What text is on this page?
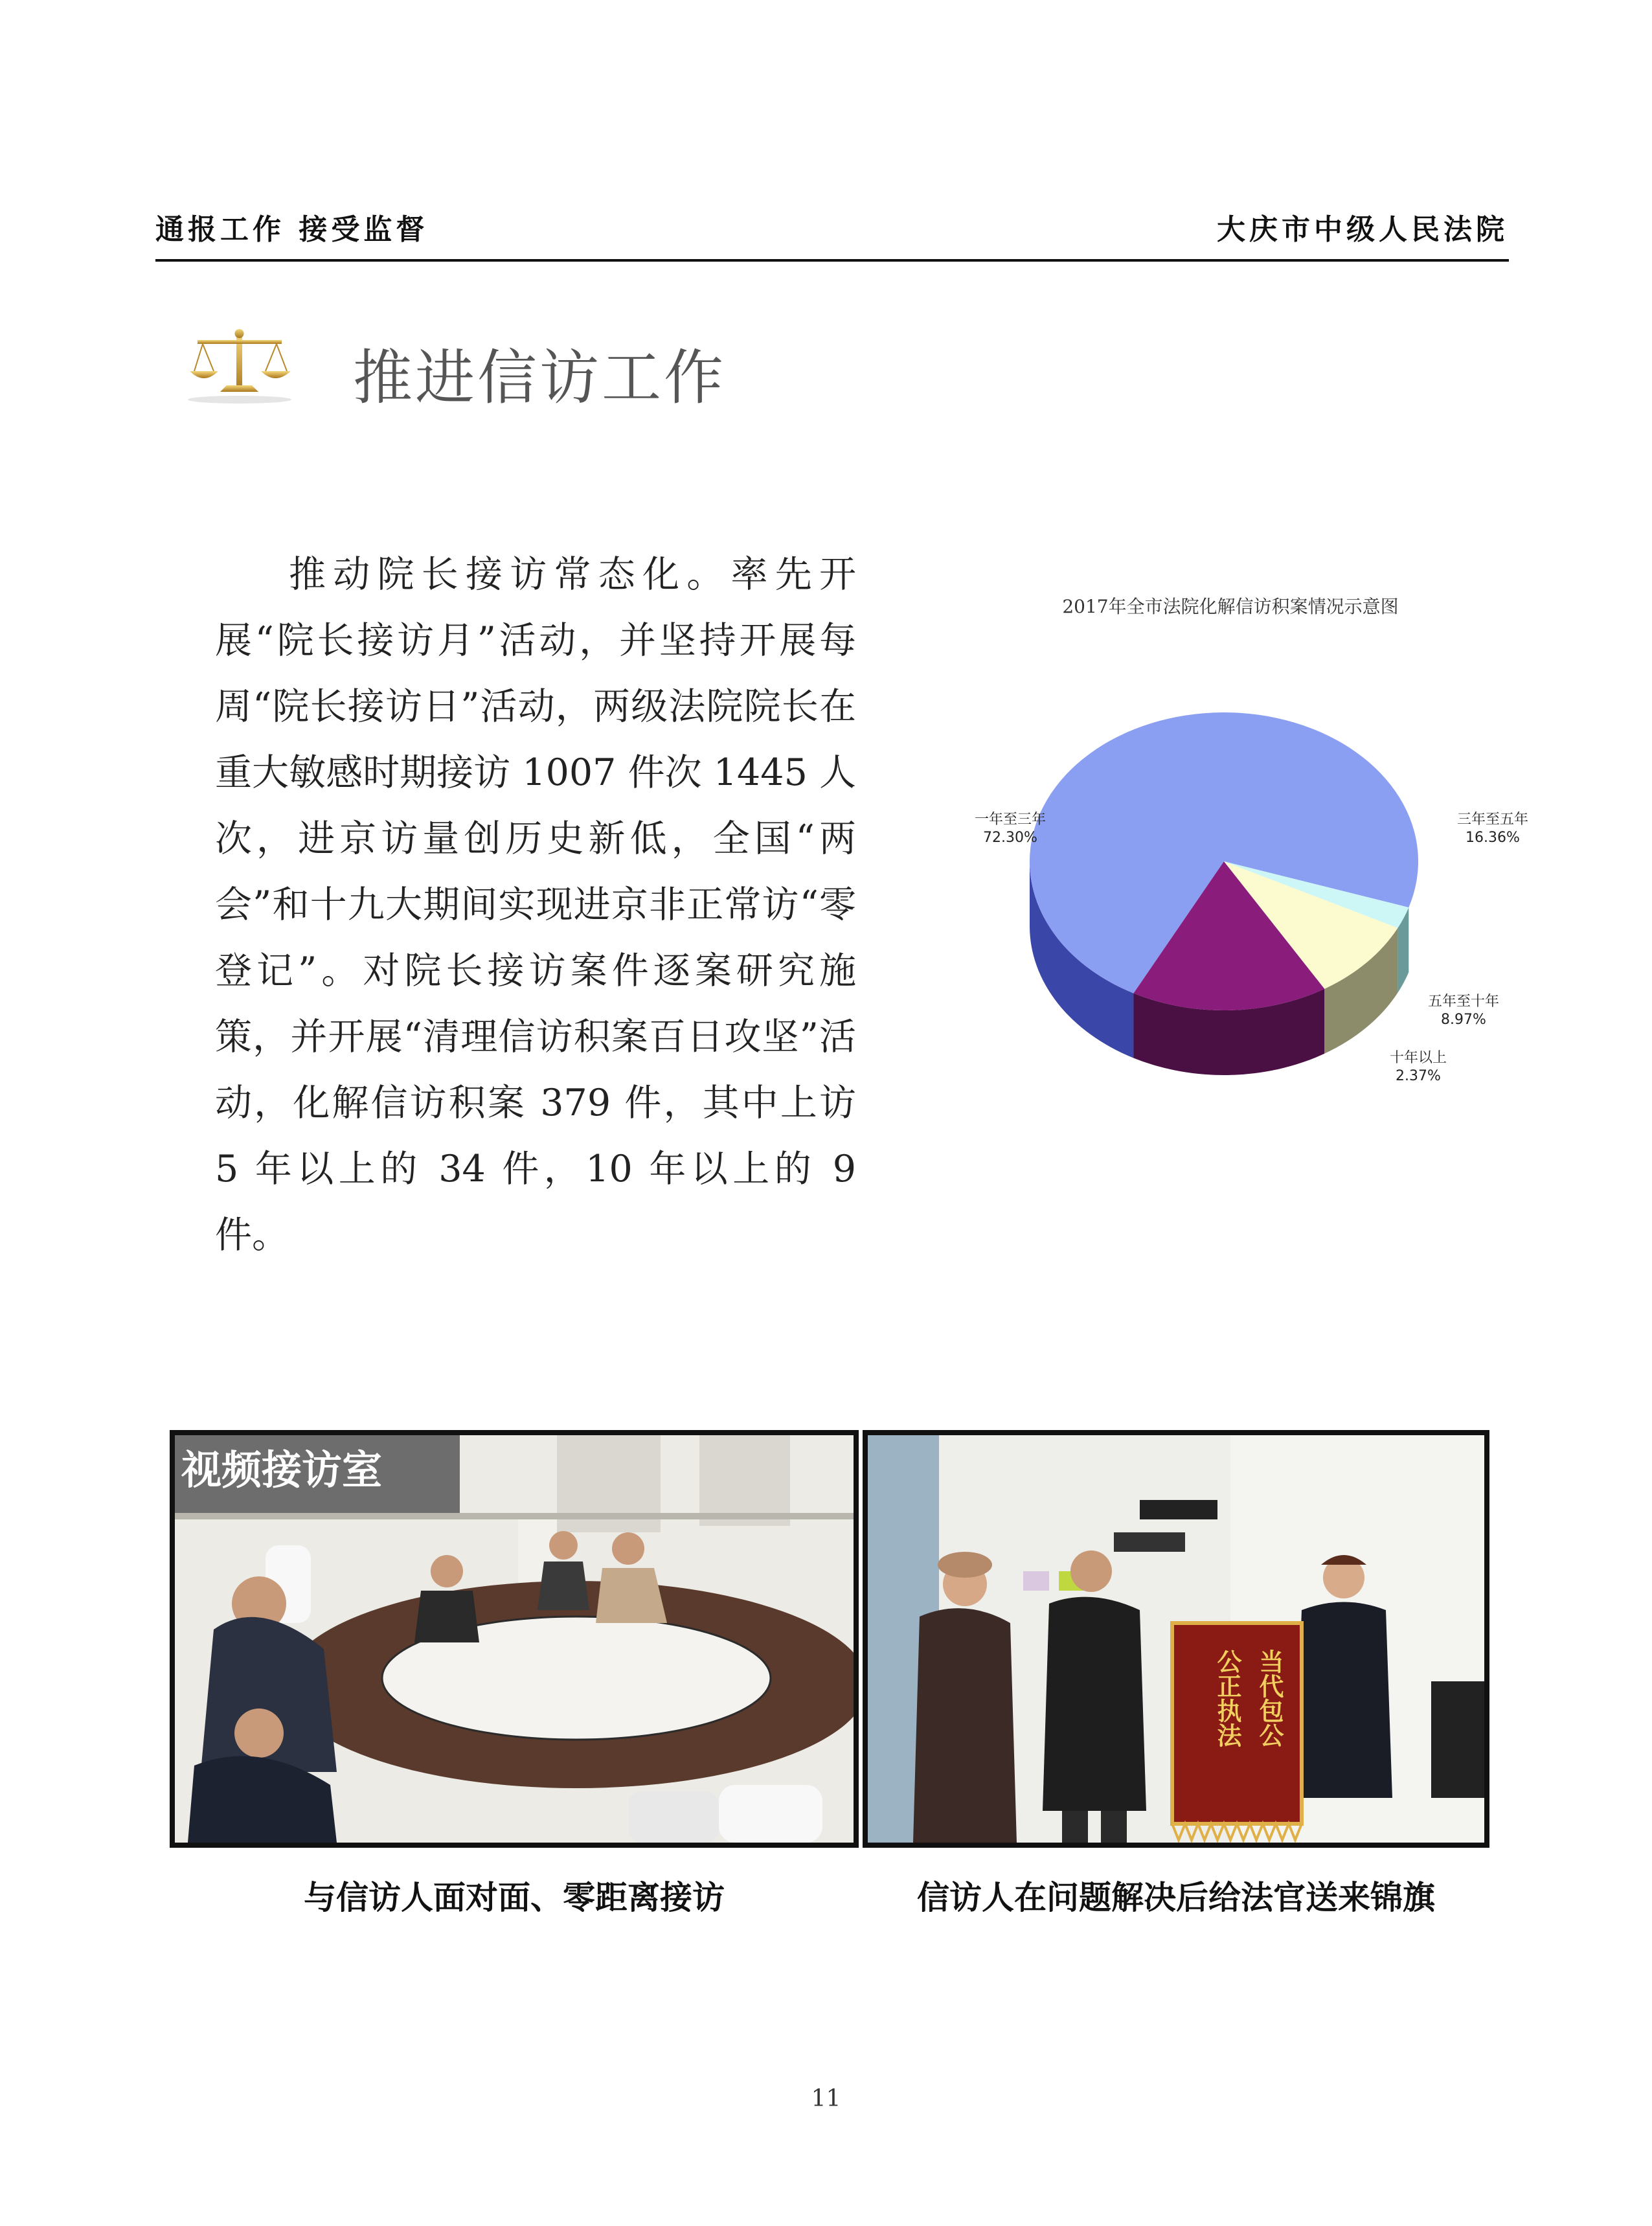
通报工作 接受监督	大庆市中级人民法院
推进信访工作
推动院长接访常态化。率先开展“院长接访月”活动，并坚持开展每周“院长接访日”活动，两级法院院长在重大敏感时期接访 1007 件次 1445 人次，进京访量创历史新低，全国“两会”和十九大期间实现进京非正常访“零登记”。对院长接访案件逐案研究施策，并开展“清理信访积案百日攻坚”活动，化解信访积案 379 件，其中上访 5 年以上的 34 件，10 年以上的 9 件。
2017年全市法院化解信访积案情况示意图
一年至三年
72.30%
三年至五年
16.36%
五年至十年
8.97%
十年以上
2.37%
视频接访室
当代包公
公正执法
与信访人面对面、零距离接访	信访人在问题解决后给法官送来锦旗
11
